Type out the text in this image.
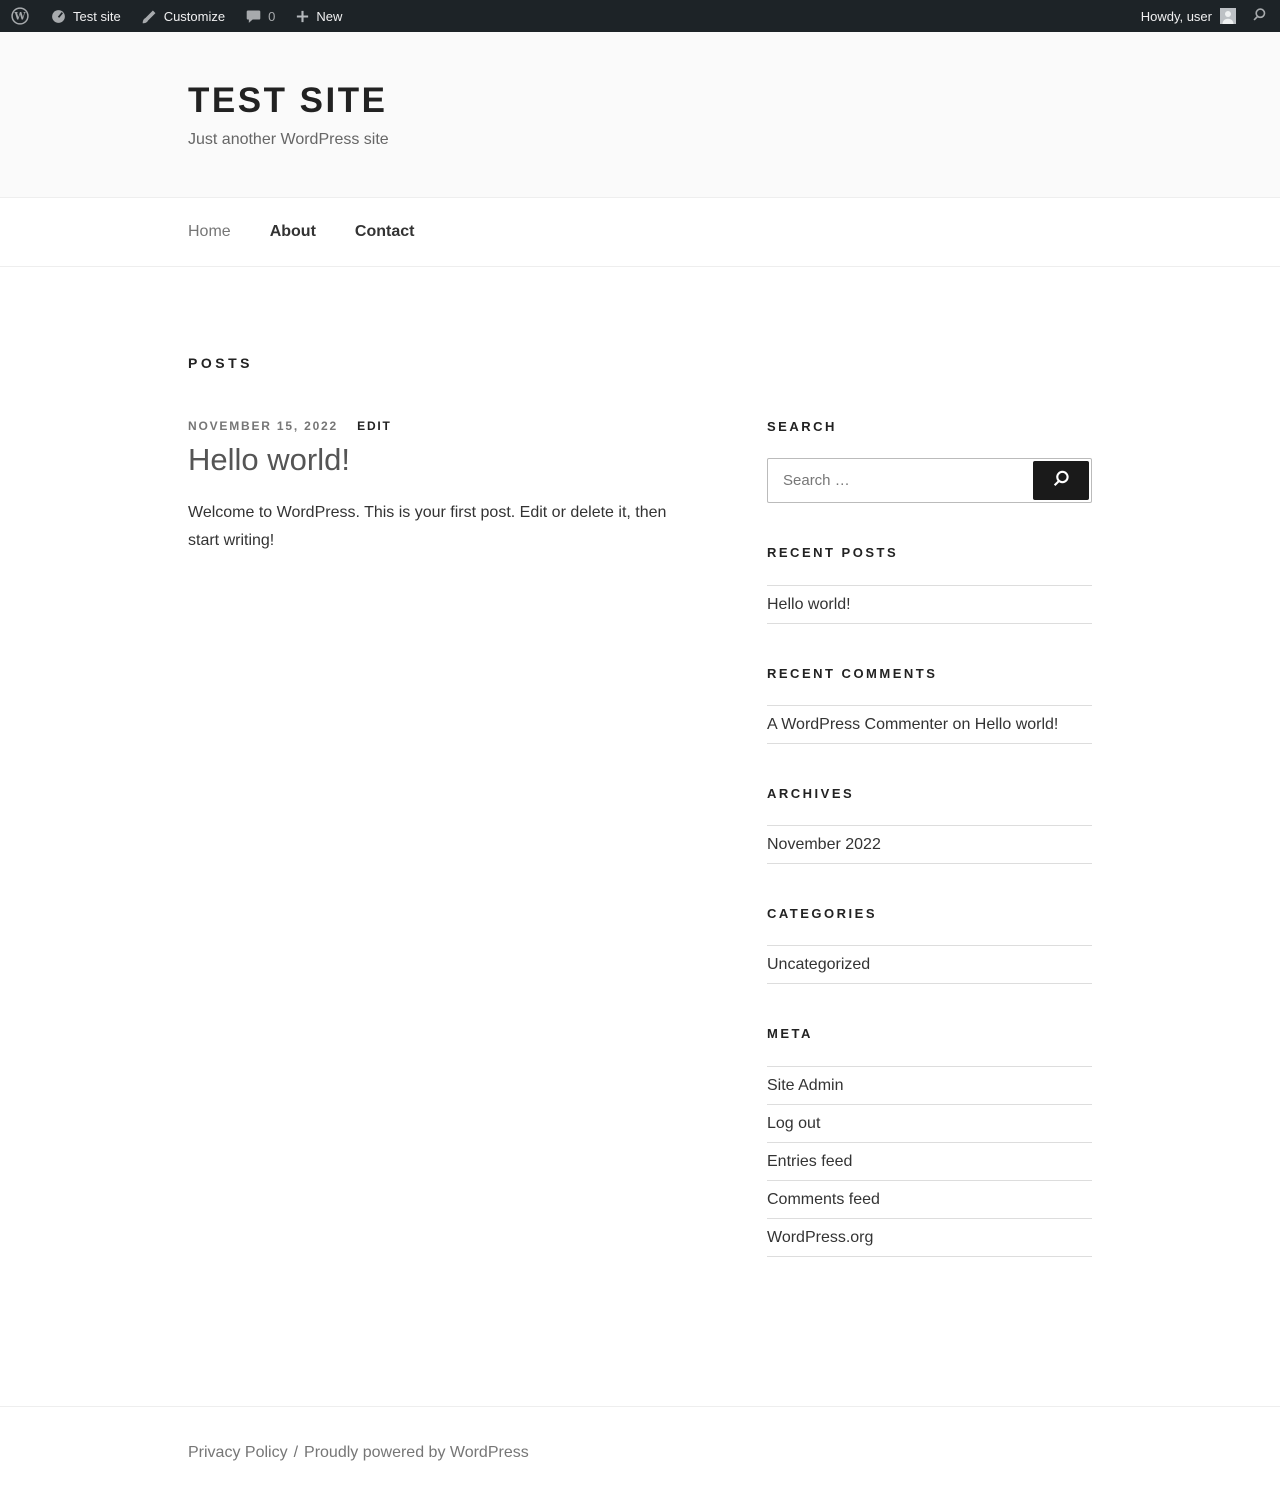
W	Test site	Customize	0	New	Howdy, user
TEST SITE

Just another WordPress site

Home About Contact
POSTS
NOVEMBER 15, 2022 EDIT
Hello world!

Welcome to WordPress. This is your first post. Edit or delete it, then start writing!

SEARCH
Search …
RECENT POSTS
Hello world!
RECENT COMMENTS
A WordPress Commenter on Hello world!
ARCHIVES
November 2022
CATEGORIES
Uncategorized
META
Site Admin
Log out
Entries feed
Comments feed
WordPress.org
Privacy Policy / Proudly powered by WordPress
